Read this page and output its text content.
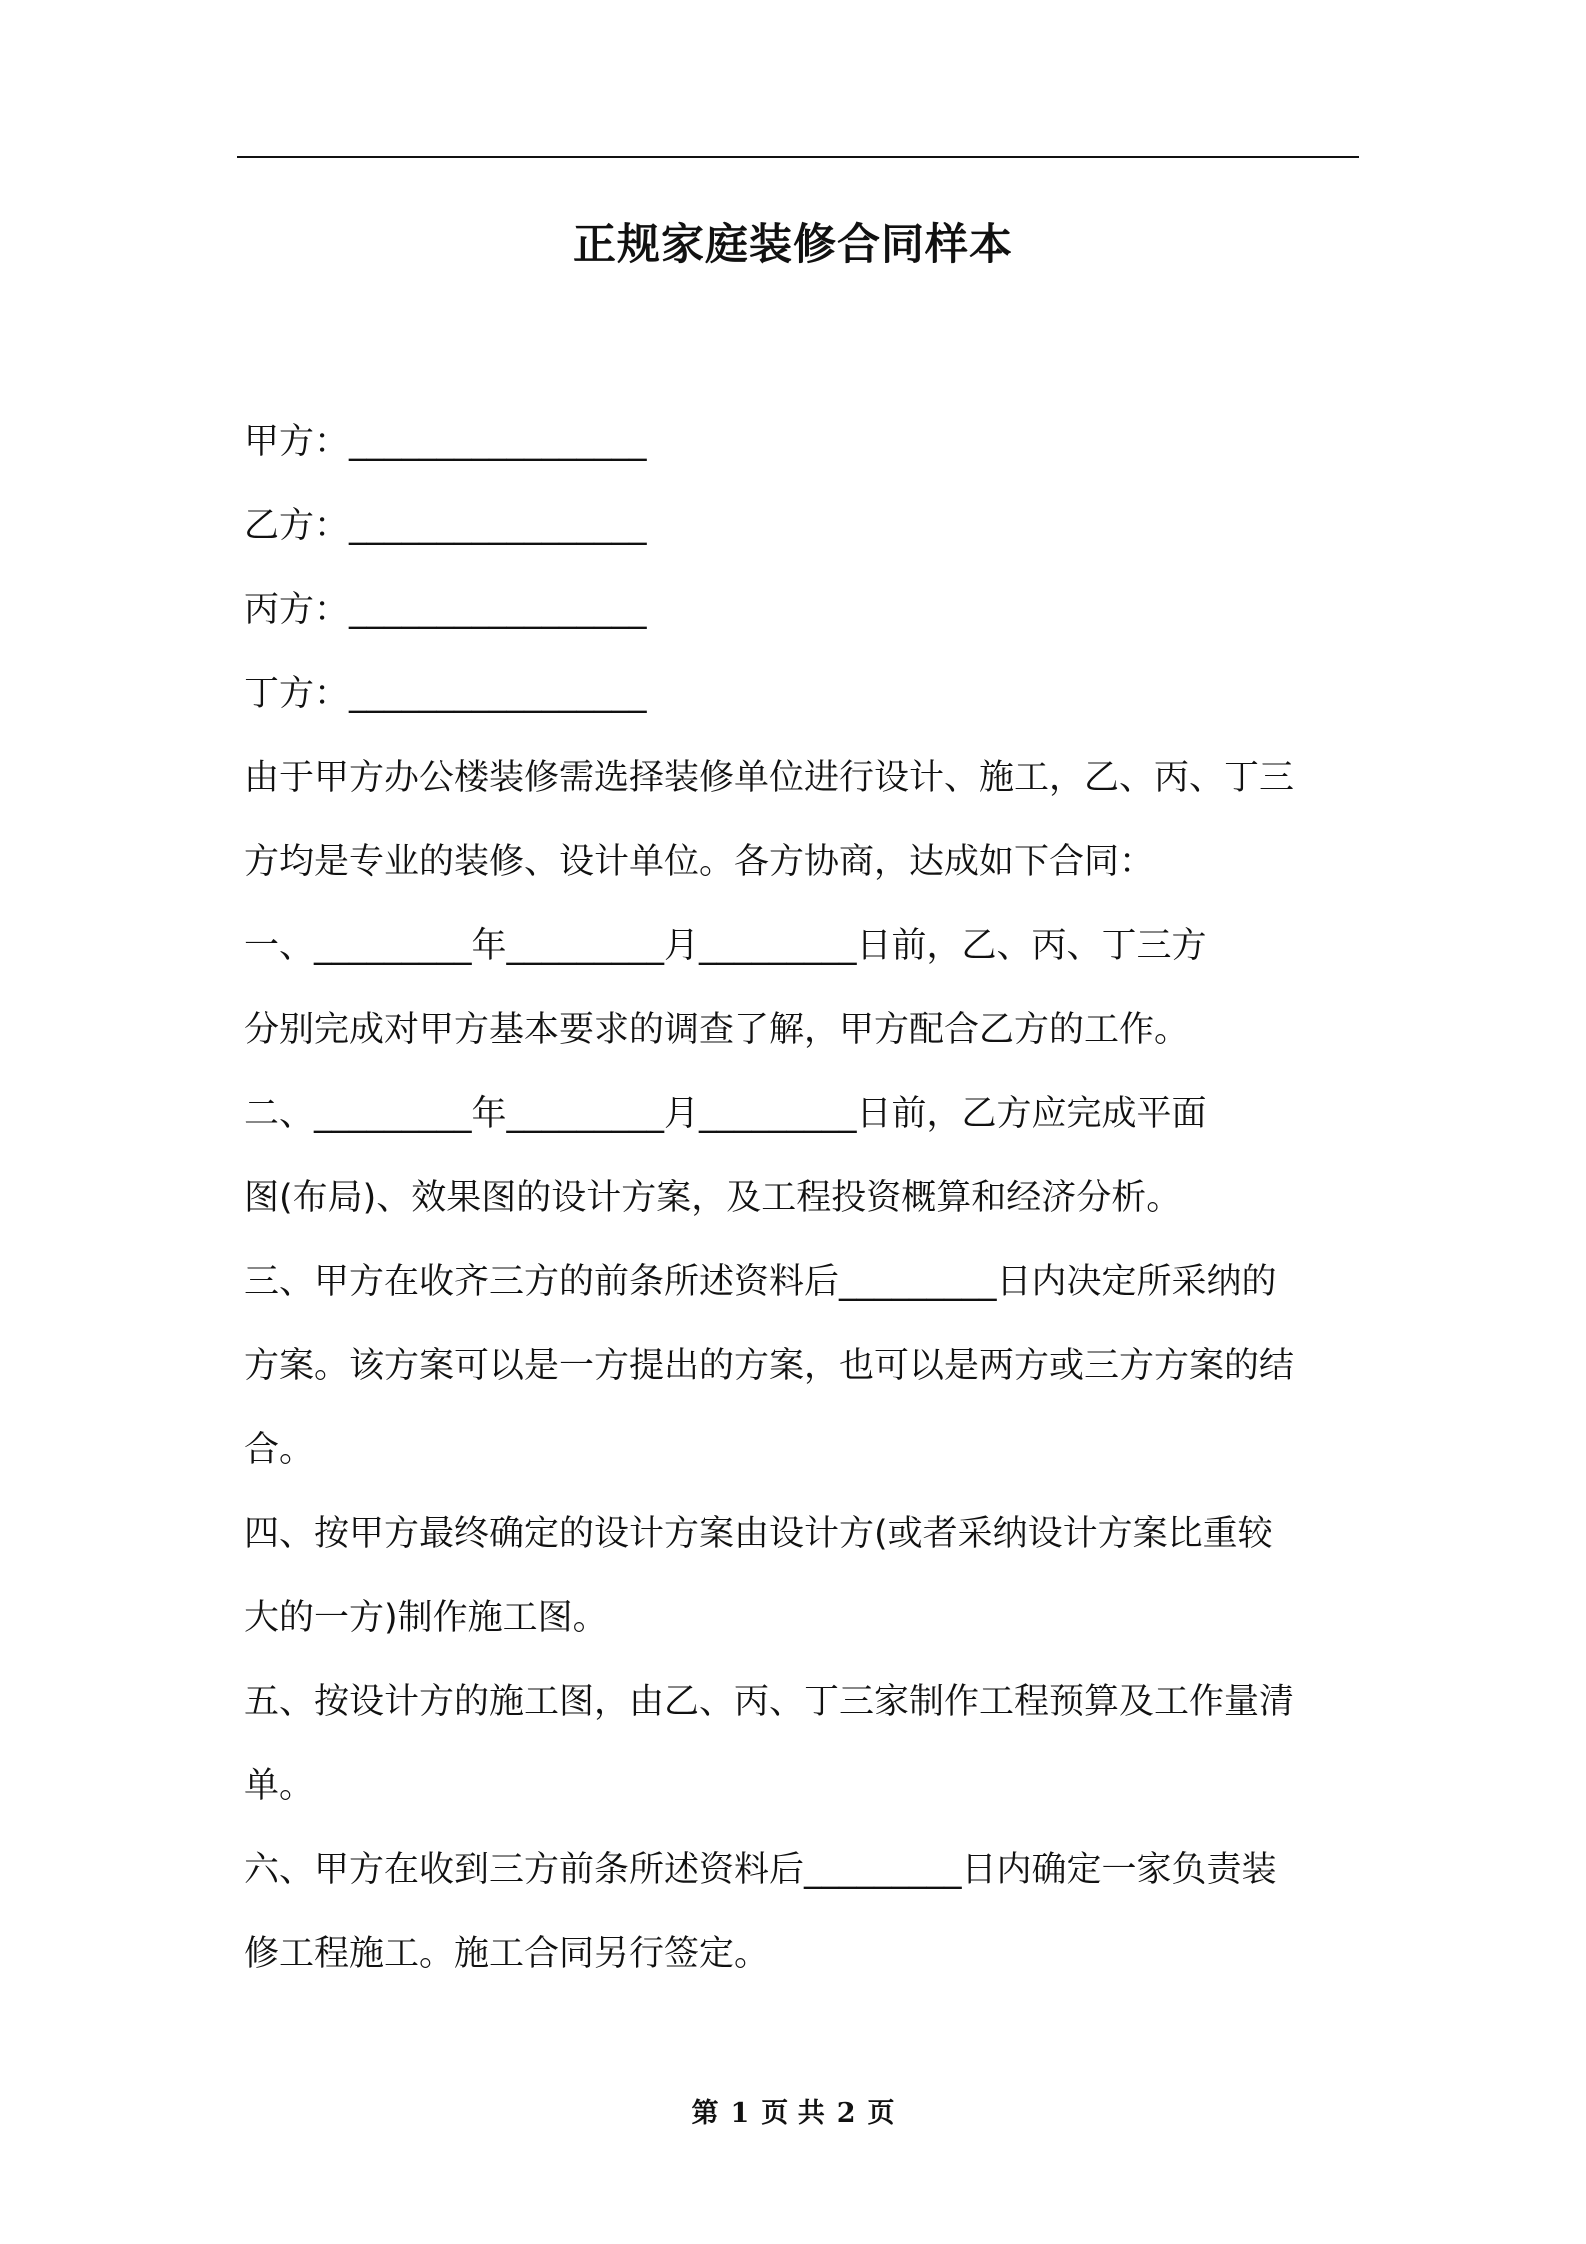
正规家庭装修合同样本
甲方：_________________
乙方：_________________
丙方：_________________
丁方：_________________
由于甲方办公楼装修需选择装修单位进行设计、施工，乙、丙、丁三
方均是专业的装修、设计单位。各方协商，达成如下合同：
一、_________年_________月_________日前，乙、丙、丁三方
分别完成对甲方基本要求的调查了解，甲方配合乙方的工作。
二、_________年_________月_________日前，乙方应完成平面
图(布局)、效果图的设计方案，及工程投资概算和经济分析。
三、甲方在收齐三方的前条所述资料后_________日内决定所采纳的
方案。该方案可以是一方提出的方案，也可以是两方或三方方案的结
合。
四、按甲方最终确定的设计方案由设计方(或者采纳设计方案比重较
大的一方)制作施工图。
五、按设计方的施工图，由乙、丙、丁三家制作工程预算及工作量清
单。
六、甲方在收到三方前条所述资料后_________日内确定一家负责装
修工程施工。施工合同另行签定。
第 1 页 共 2 页
